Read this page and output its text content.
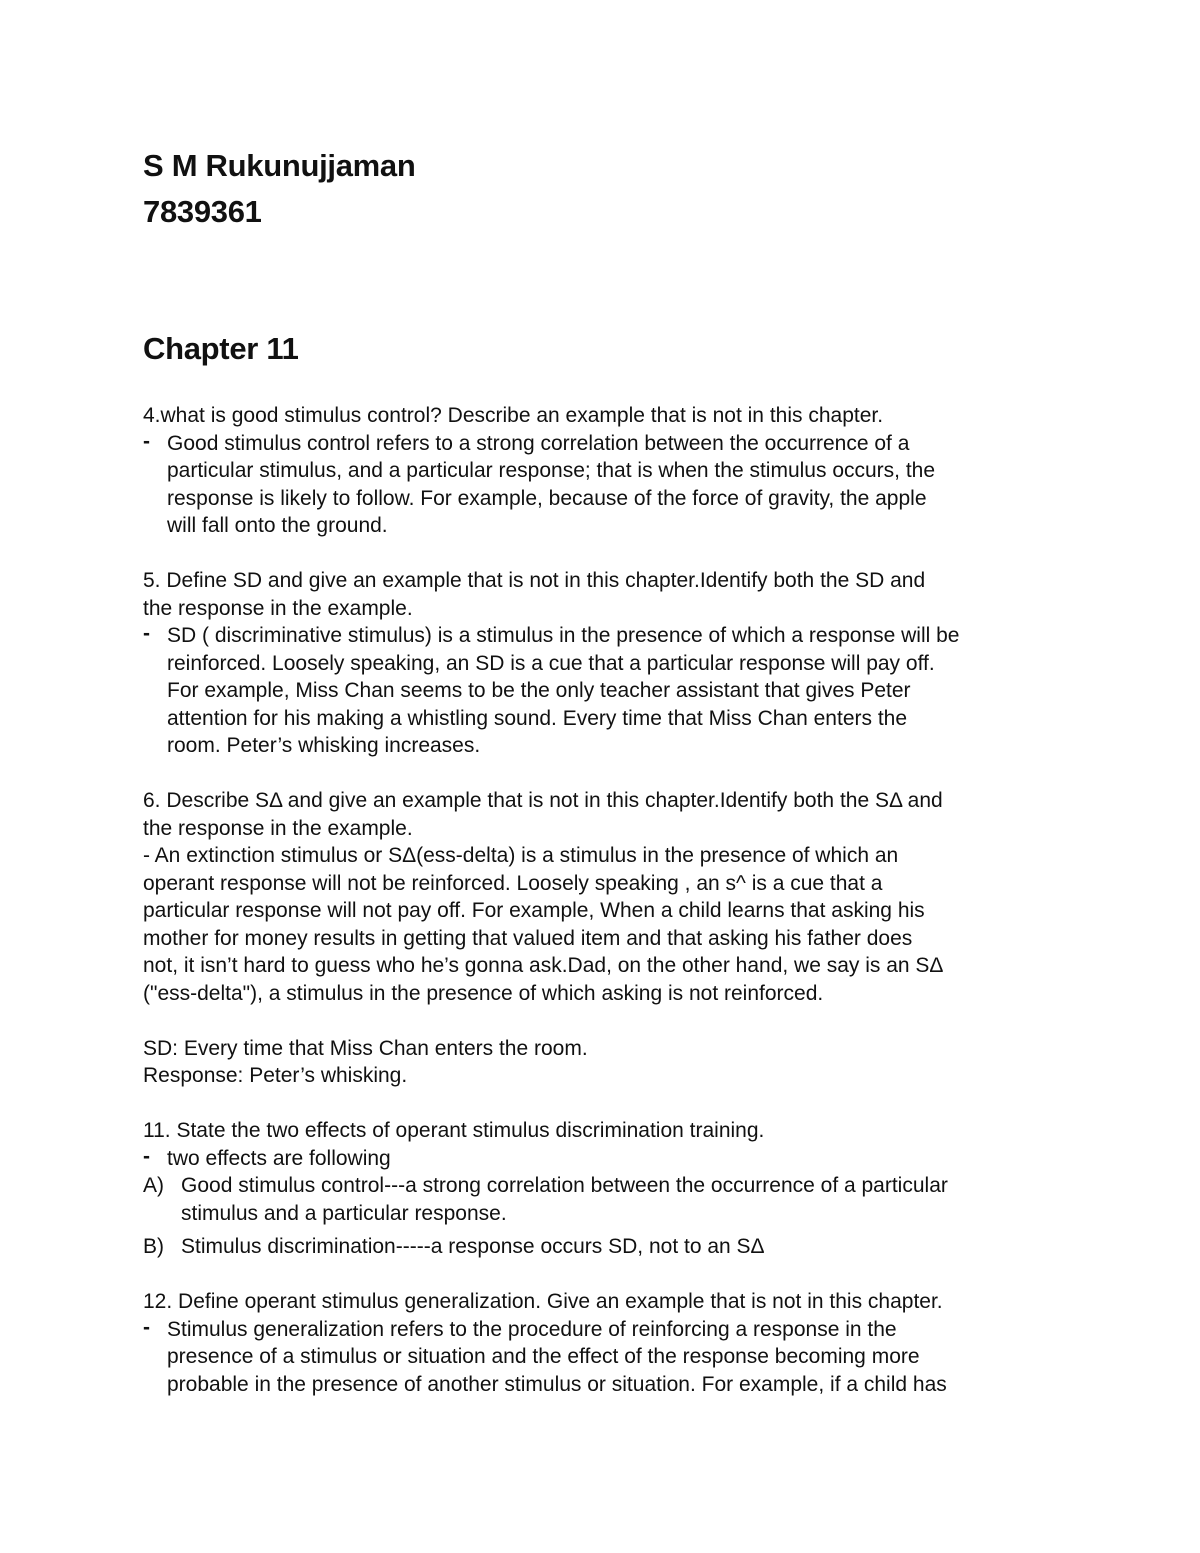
S M Rukunujjaman
7839361
Chapter 11
4.what is good stimulus control? Describe an example that is not in this chapter.
- Good stimulus control refers to a strong correlation between the occurrence of a
particular stimulus, and a particular response; that is when the stimulus occurs, the
response is likely to follow. For example, because of the force of gravity, the apple
will fall onto the ground.
5. Define SD and give an example that is not in this chapter.Identify both the SD and
the response in the example.
- SD ( discriminative stimulus) is a stimulus in the presence of which a response will be
reinforced. Loosely speaking, an SD is a cue that a particular response will pay off.
For example, Miss Chan seems to be the only teacher assistant that gives Peter
attention for his making a whistling sound. Every time that Miss Chan enters the
room. Peter’s whisking increases.
6. Describe SΔ and give an example that is not in this chapter.Identify both the SΔ and
the response in the example.
- An extinction stimulus or SΔ(ess-delta) is a stimulus in the presence of which an
operant response will not be reinforced. Loosely speaking , an s^ is a cue that a
particular response will not pay off. For example, When a child learns that asking his
mother for money results in getting that valued item and that asking his father does
not, it isn’t hard to guess who he’s gonna ask.Dad, on the other hand, we say is an SΔ
("ess-delta"), a stimulus in the presence of which asking is not reinforced.
SD: Every time that Miss Chan enters the room.
Response: Peter’s whisking.
11. State the two effects of operant stimulus discrimination training.
- two effects are following
A) Good stimulus control---a strong correlation between the occurrence of a particular
stimulus and a particular response.
B) Stimulus discrimination-----a response occurs SD, not to an SΔ
12. Define operant stimulus generalization. Give an example that is not in this chapter.
- Stimulus generalization refers to the procedure of reinforcing a response in the
presence of a stimulus or situation and the effect of the response becoming more
probable in the presence of another stimulus or situation. For example, if a child has
